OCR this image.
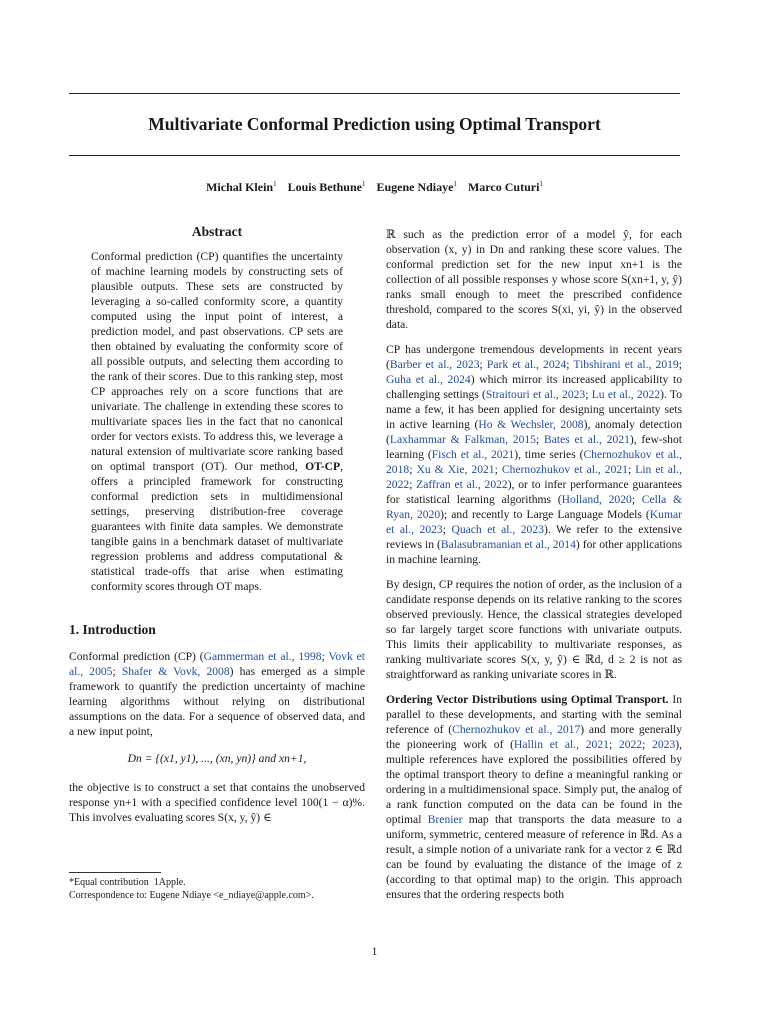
Multivariate Conformal Prediction using Optimal Transport
Michal Klein$^1$ Louis Bethune$^1$ Eugene Ndiaye$^1$ Marco Cuturi$^1$
Abstract
Conformal prediction (CP) quantifies the uncertainty of machine learning models by constructing sets of plausible outputs. These sets are constructed by leveraging a so-called conformity score, a quantity computed using the input point of interest, a prediction model, and past observations. CP sets are then obtained by evaluating the conformity score of all possible outputs, and selecting them according to the rank of their scores. Due to this ranking step, most CP approaches rely on a score functions that are univariate. The challenge in extending these scores to multivariate spaces lies in the fact that no canonical order for vectors exists. To address this, we leverage a natural extension of multivariate score ranking based on optimal transport (OT). Our method, OT-CP, offers a principled framework for constructing conformal prediction sets in multidimensional settings, preserving distribution-free coverage guarantees with finite data samples. We demonstrate tangible gains in a benchmark dataset of multivariate regression problems and address computational & statistical trade-offs that arise when estimating conformity scores through OT maps.
1. Introduction

Conformal prediction (CP) (Gammerman et al., 1998; Vovk et al., 2005; Shafer & Vovk, 2008) has emerged as a simple framework to quantify the prediction uncertainty of machine learning algorithms without relying on distributional assumptions on the data. For a sequence of observed data, and a new input point,

Dn = {(x1, y1), ..., (xn, yn)} and xn+1,

the objective is to construct a set that contains the unobserved response yn+1 with a specified confidence level 100(1 − α)%. This involves evaluating scores S(x, y, ŷ) ∈

ℝ such as the prediction error of a model ŷ, for each observation (x, y) in Dn and ranking these score values. The conformal prediction set for the new input xn+1 is the collection of all possible responses y whose score S(xn+1, y, ŷ) ranks small enough to meet the prescribed confidence threshold, compared to the scores S(xi, yi, ŷ) in the observed data.

CP has undergone tremendous developments in recent years (Barber et al., 2023; Park et al., 2024; Tibshirani et al., 2019; Guha et al., 2024) which mirror its increased applicability to challenging settings (Straitouri et al., 2023; Lu et al., 2022). To name a few, it has been applied for designing uncertainty sets in active learning (Ho & Wechsler, 2008), anomaly detection (Laxhammar & Falkman, 2015; Bates et al., 2021), few-shot learning (Fisch et al., 2021), time series (Chernozhukov et al., 2018; Xu & Xie, 2021; Chernozhukov et al., 2021; Lin et al., 2022; Zaffran et al., 2022), or to infer performance guarantees for statistical learning algorithms (Holland, 2020; Cella & Ryan, 2020); and recently to Large Language Models (Kumar et al., 2023; Quach et al., 2023). We refer to the extensive reviews in (Balasubramanian et al., 2014) for other applications in machine learning.

By design, CP requires the notion of order, as the inclusion of a candidate response depends on its relative ranking to the scores observed previously. Hence, the classical strategies developed so far largely target score functions with univariate outputs. This limits their applicability to multivariate responses, as ranking multivariate scores S(x, y, ŷ) ∈ ℝd, d ≥ 2 is not as straightforward as ranking univariate scores in ℝ.

Ordering Vector Distributions using Optimal Transport. In parallel to these developments, and starting with the seminal reference of (Chernozhukov et al., 2017) and more generally the pioneering work of (Hallin et al., 2021; 2022; 2023), multiple references have explored the possibilities offered by the optimal transport theory to define a meaningful ranking or ordering in a multidimensional space. Simply put, the analog of a rank function computed on the data can be found in the optimal Brenier map that transports the data measure to a uniform, symmetric, centered measure of reference in ℝd. As a result, a simple notion of a univariate rank for a vector z ∈ ℝd can be found by evaluating the distance of the image of z (according to that optimal map) to the origin. This approach ensures that the ordering respects both

*Equal contribution 1Apple.
Correspondence to: Eugene Ndiaye <e_ndiaye@apple.com>.
1
